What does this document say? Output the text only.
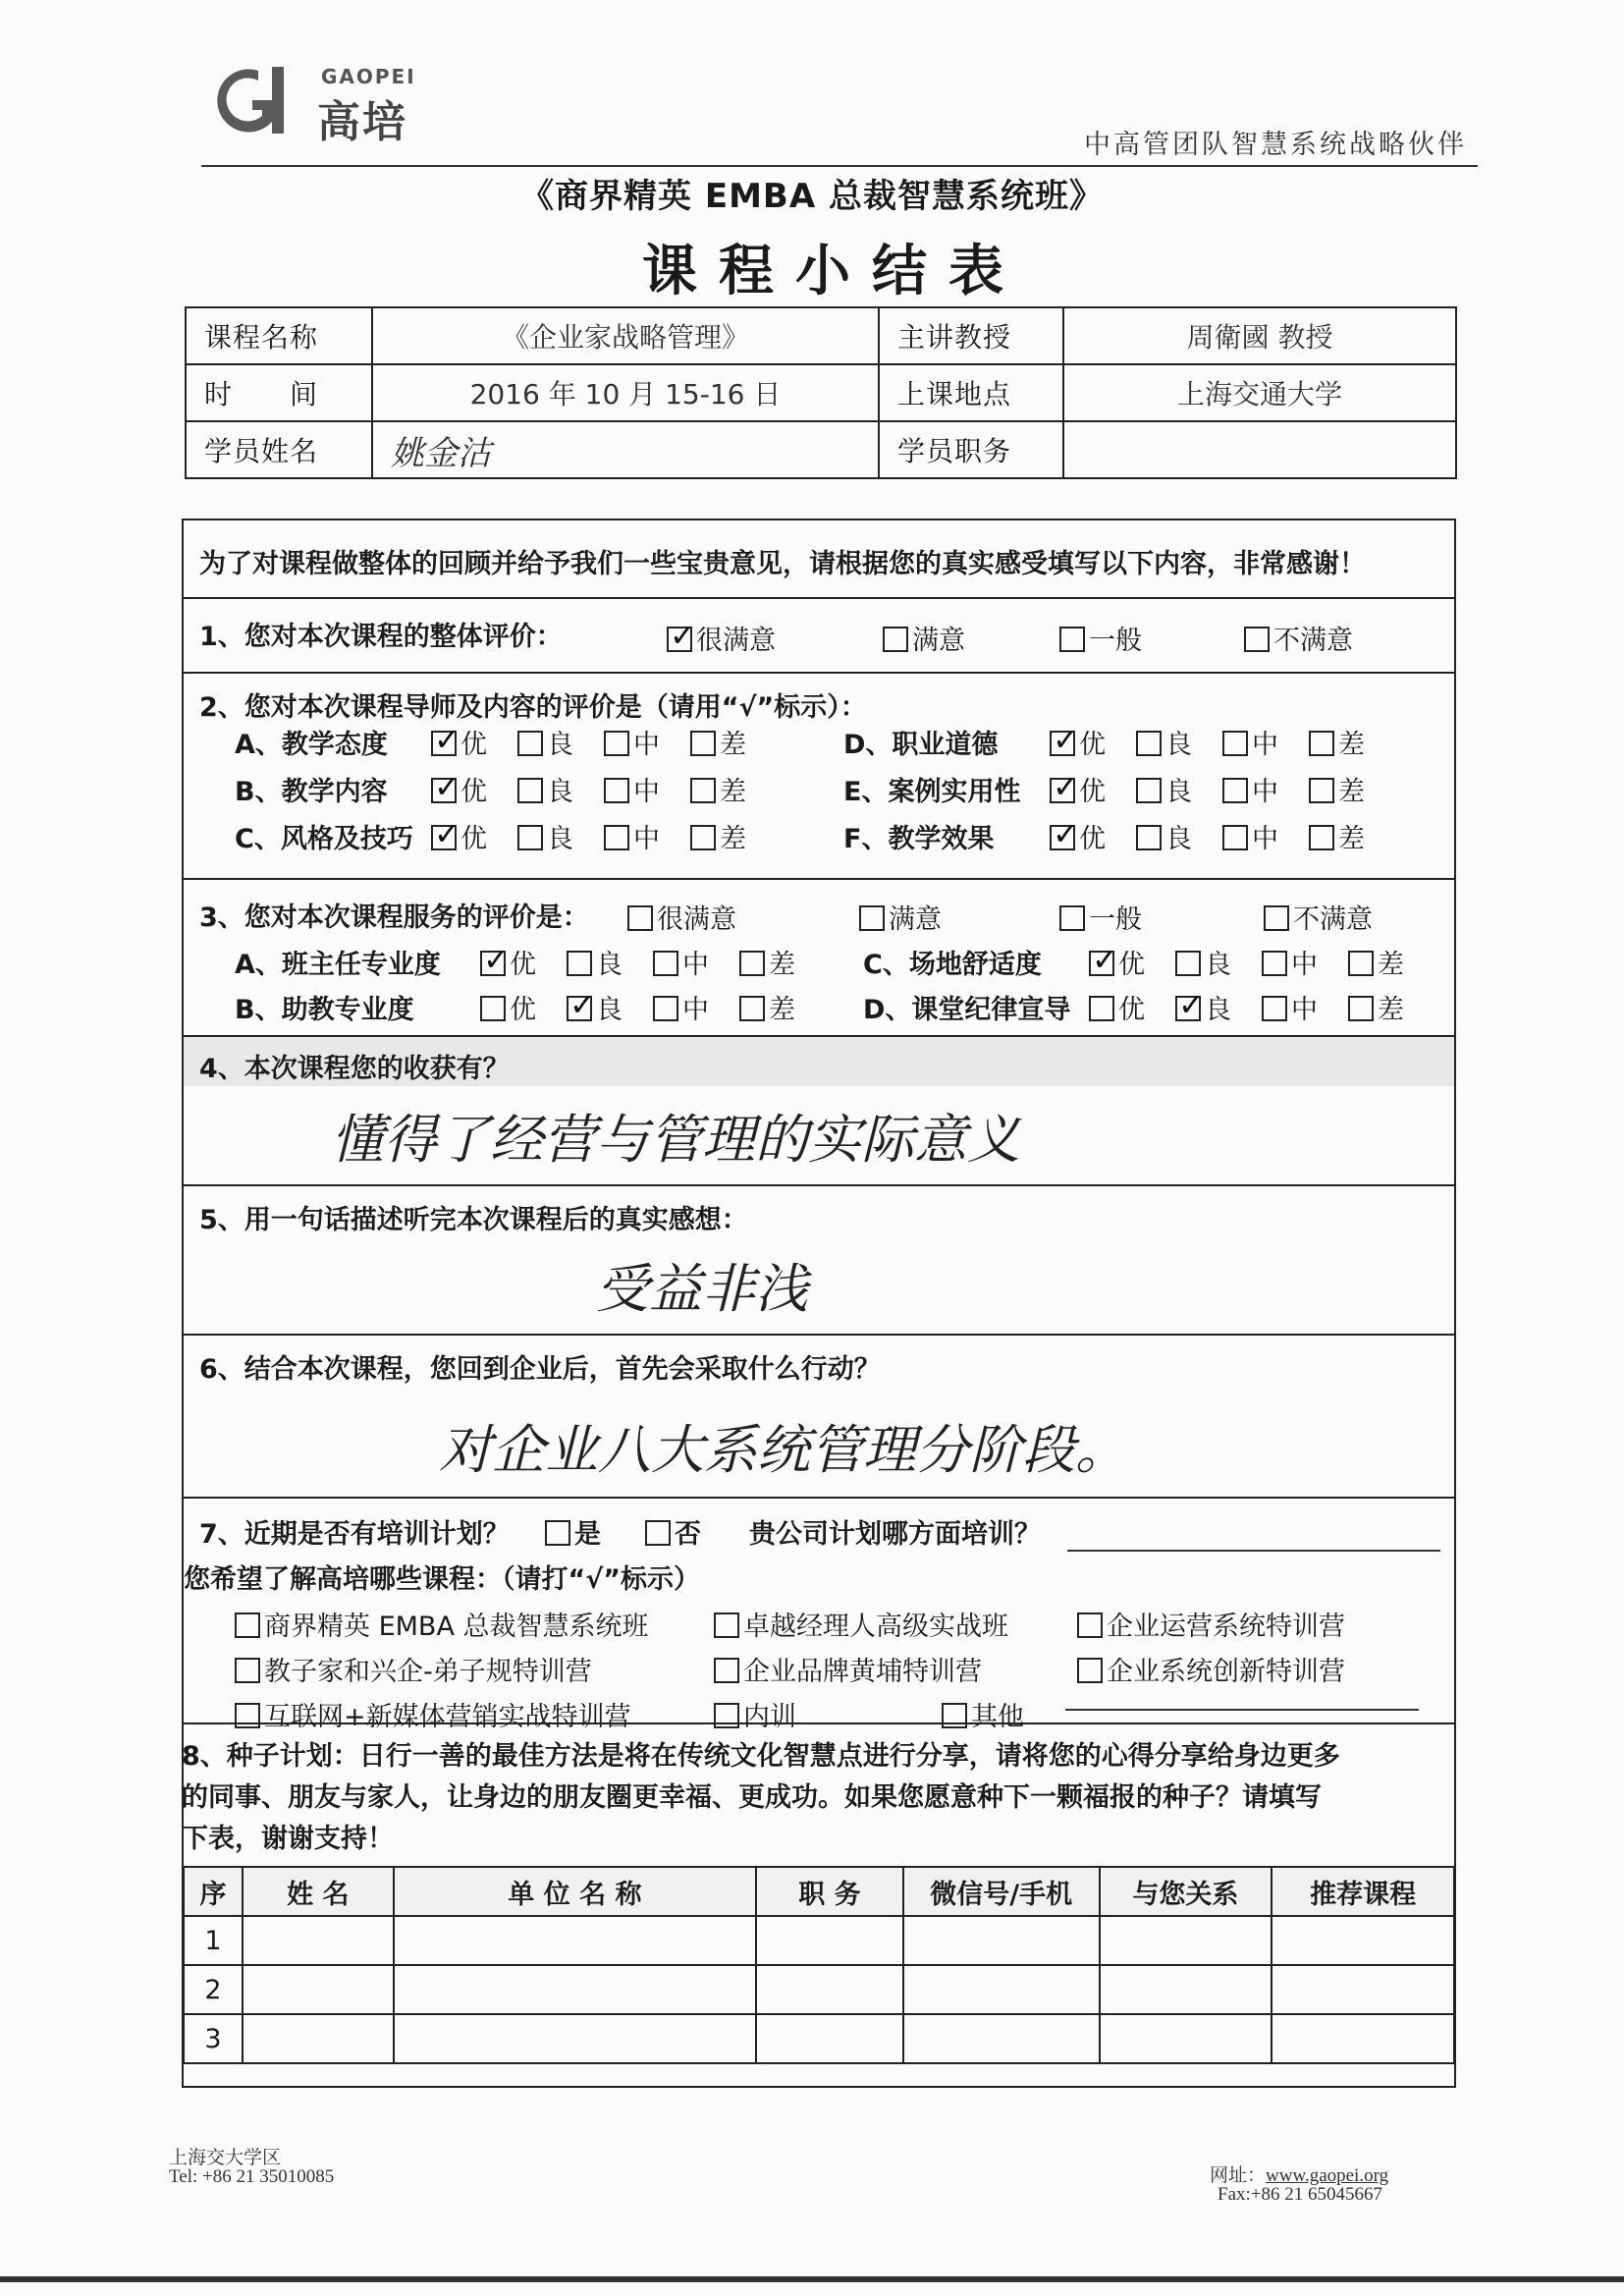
GAOPEI
高培	中高管团队智慧系统战略伙伴
《商界精英 EMBA 总裁智慧系统班》
课程小结表
课程名称	《企业家战略管理》	主讲教授	周衛國 教授
时　　间	2016 年 10 月 15-16 日	上课地点	上海交通大学
学员姓名	姚金沽	学员职务	
为了对课程做整体的回顾并给予我们一些宝贵意见，请根据您的真实感受填写以下内容，非常感谢！
1、您对本次课程的整体评价： ✓	很满意	满意	一般	不满意
2、您对本次课程导师及内容的评价是（请用“√”标示）：
A、教学态度 ✓	优 良 中 差
B、教学内容 ✓	优 良 中 差
C、风格及技巧 ✓ 优 良 中 差
D、职业道德 ✓	优 良 中 差
E、案例实用性 ✓ 优 良 中 差
F、教学效果 ✓	优 良 中 差
3、您对本次课程服务的评价是：	很满意	满意	一般	不满意
A、班主任专业度 ✓	优 良 中 差
B、助教专业度	优 ✓ 良 中 差
C、场地舒适度 ✓	优 良 中 差
D、课堂纪律宣导 优 ✓ 良 中 差
4、本次课程您的收获有？
懂得了经营与管理的实际意义
5、用一句话描述听完本次课程后的真实感想：
受益非浅
6、结合本次课程，您回到企业后，首先会采取什么行动？
对企业八大系统管理分阶段。
7、近期是否有培训计划？	是	否 贵公司计划哪方面培训？
您希望了解高培哪些课程：（请打“√”标示）
商界精英 EMBA 总裁智慧系统班	卓越经理人高级实战班	企业运营系统特训营
教子家和兴企-弟子规特训营	企业品牌黄埔特训营	企业系统创新特训营
互联网+新媒体营销实战特训营	内训	其他
8、种子计划：日行一善的最佳方法是将在传统文化智慧点进行分享，请将您的心得分享给身边更多
的同事、朋友与家人，让身边的朋友圈更幸福、更成功。如果您愿意种下一颗福报的种子？请填写
下表，谢谢支持！
序	姓 名	单 位 名 称	职 务	微信号/手机	与您关系	推荐课程
1						
2						
3						
上海交大学区
Tel: +86 21 35010085	网址：www.gaopei.org
Fax:+86 21 65045667
